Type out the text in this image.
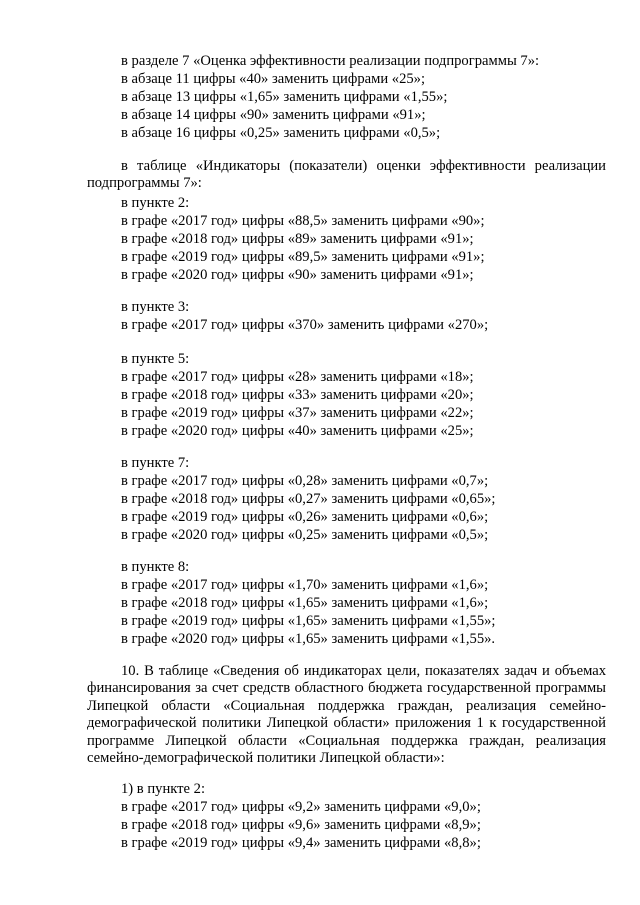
в разделе 7 «Оценка эффективности реализации подпрограммы 7»:
в абзаце 11 цифры «40» заменить цифрами «25»;
в абзаце 13 цифры «1,65» заменить цифрами «1,55»;
в абзаце 14 цифры «90» заменить цифрами «91»;
в абзаце 16 цифры «0,25» заменить цифрами «0,5»;
в таблице «Индикаторы (показатели) оценки эффективности реализации подпрограммы 7»:
в пункте 2:
в графе «2017 год» цифры «88,5» заменить цифрами «90»;
в графе «2018 год» цифры «89» заменить цифрами «91»;
в графе «2019 год» цифры «89,5» заменить цифрами «91»;
в графе «2020 год» цифры «90» заменить цифрами «91»;
в пункте 3:
в графе «2017 год» цифры «370» заменить цифрами «270»;
в пункте 5:
в графе «2017 год» цифры «28» заменить цифрами «18»;
в графе «2018 год» цифры «33» заменить цифрами «20»;
в графе «2019 год» цифры «37» заменить цифрами «22»;
в графе «2020 год» цифры «40» заменить цифрами «25»;
в пункте 7:
в графе «2017 год» цифры «0,28» заменить цифрами «0,7»;
в графе «2018 год» цифры «0,27» заменить цифрами «0,65»;
в графе «2019 год» цифры «0,26» заменить цифрами «0,6»;
в графе «2020 год» цифры «0,25» заменить цифрами «0,5»;
в пункте 8:
в графе «2017 год» цифры «1,70» заменить цифрами «1,6»;
в графе «2018 год» цифры «1,65» заменить цифрами «1,6»;
в графе «2019 год» цифры «1,65» заменить цифрами «1,55»;
в графе «2020 год» цифры «1,65» заменить цифрами «1,55».
10. В таблице «Сведения об индикаторах цели, показателях задач и объемах финансирования за счет средств областного бюджета государственной программы Липецкой области «Социальная поддержка граждан, реализация семейно-демографической политики Липецкой области» приложения 1 к государственной программе Липецкой области «Социальная поддержка граждан, реализация семейно-демографической политики Липецкой области»:
1) в пункте 2:
в графе «2017 год» цифры «9,2» заменить цифрами «9,0»;
в графе «2018 год» цифры «9,6» заменить цифрами «8,9»;
в графе «2019 год» цифры «9,4» заменить цифрами «8,8»;
